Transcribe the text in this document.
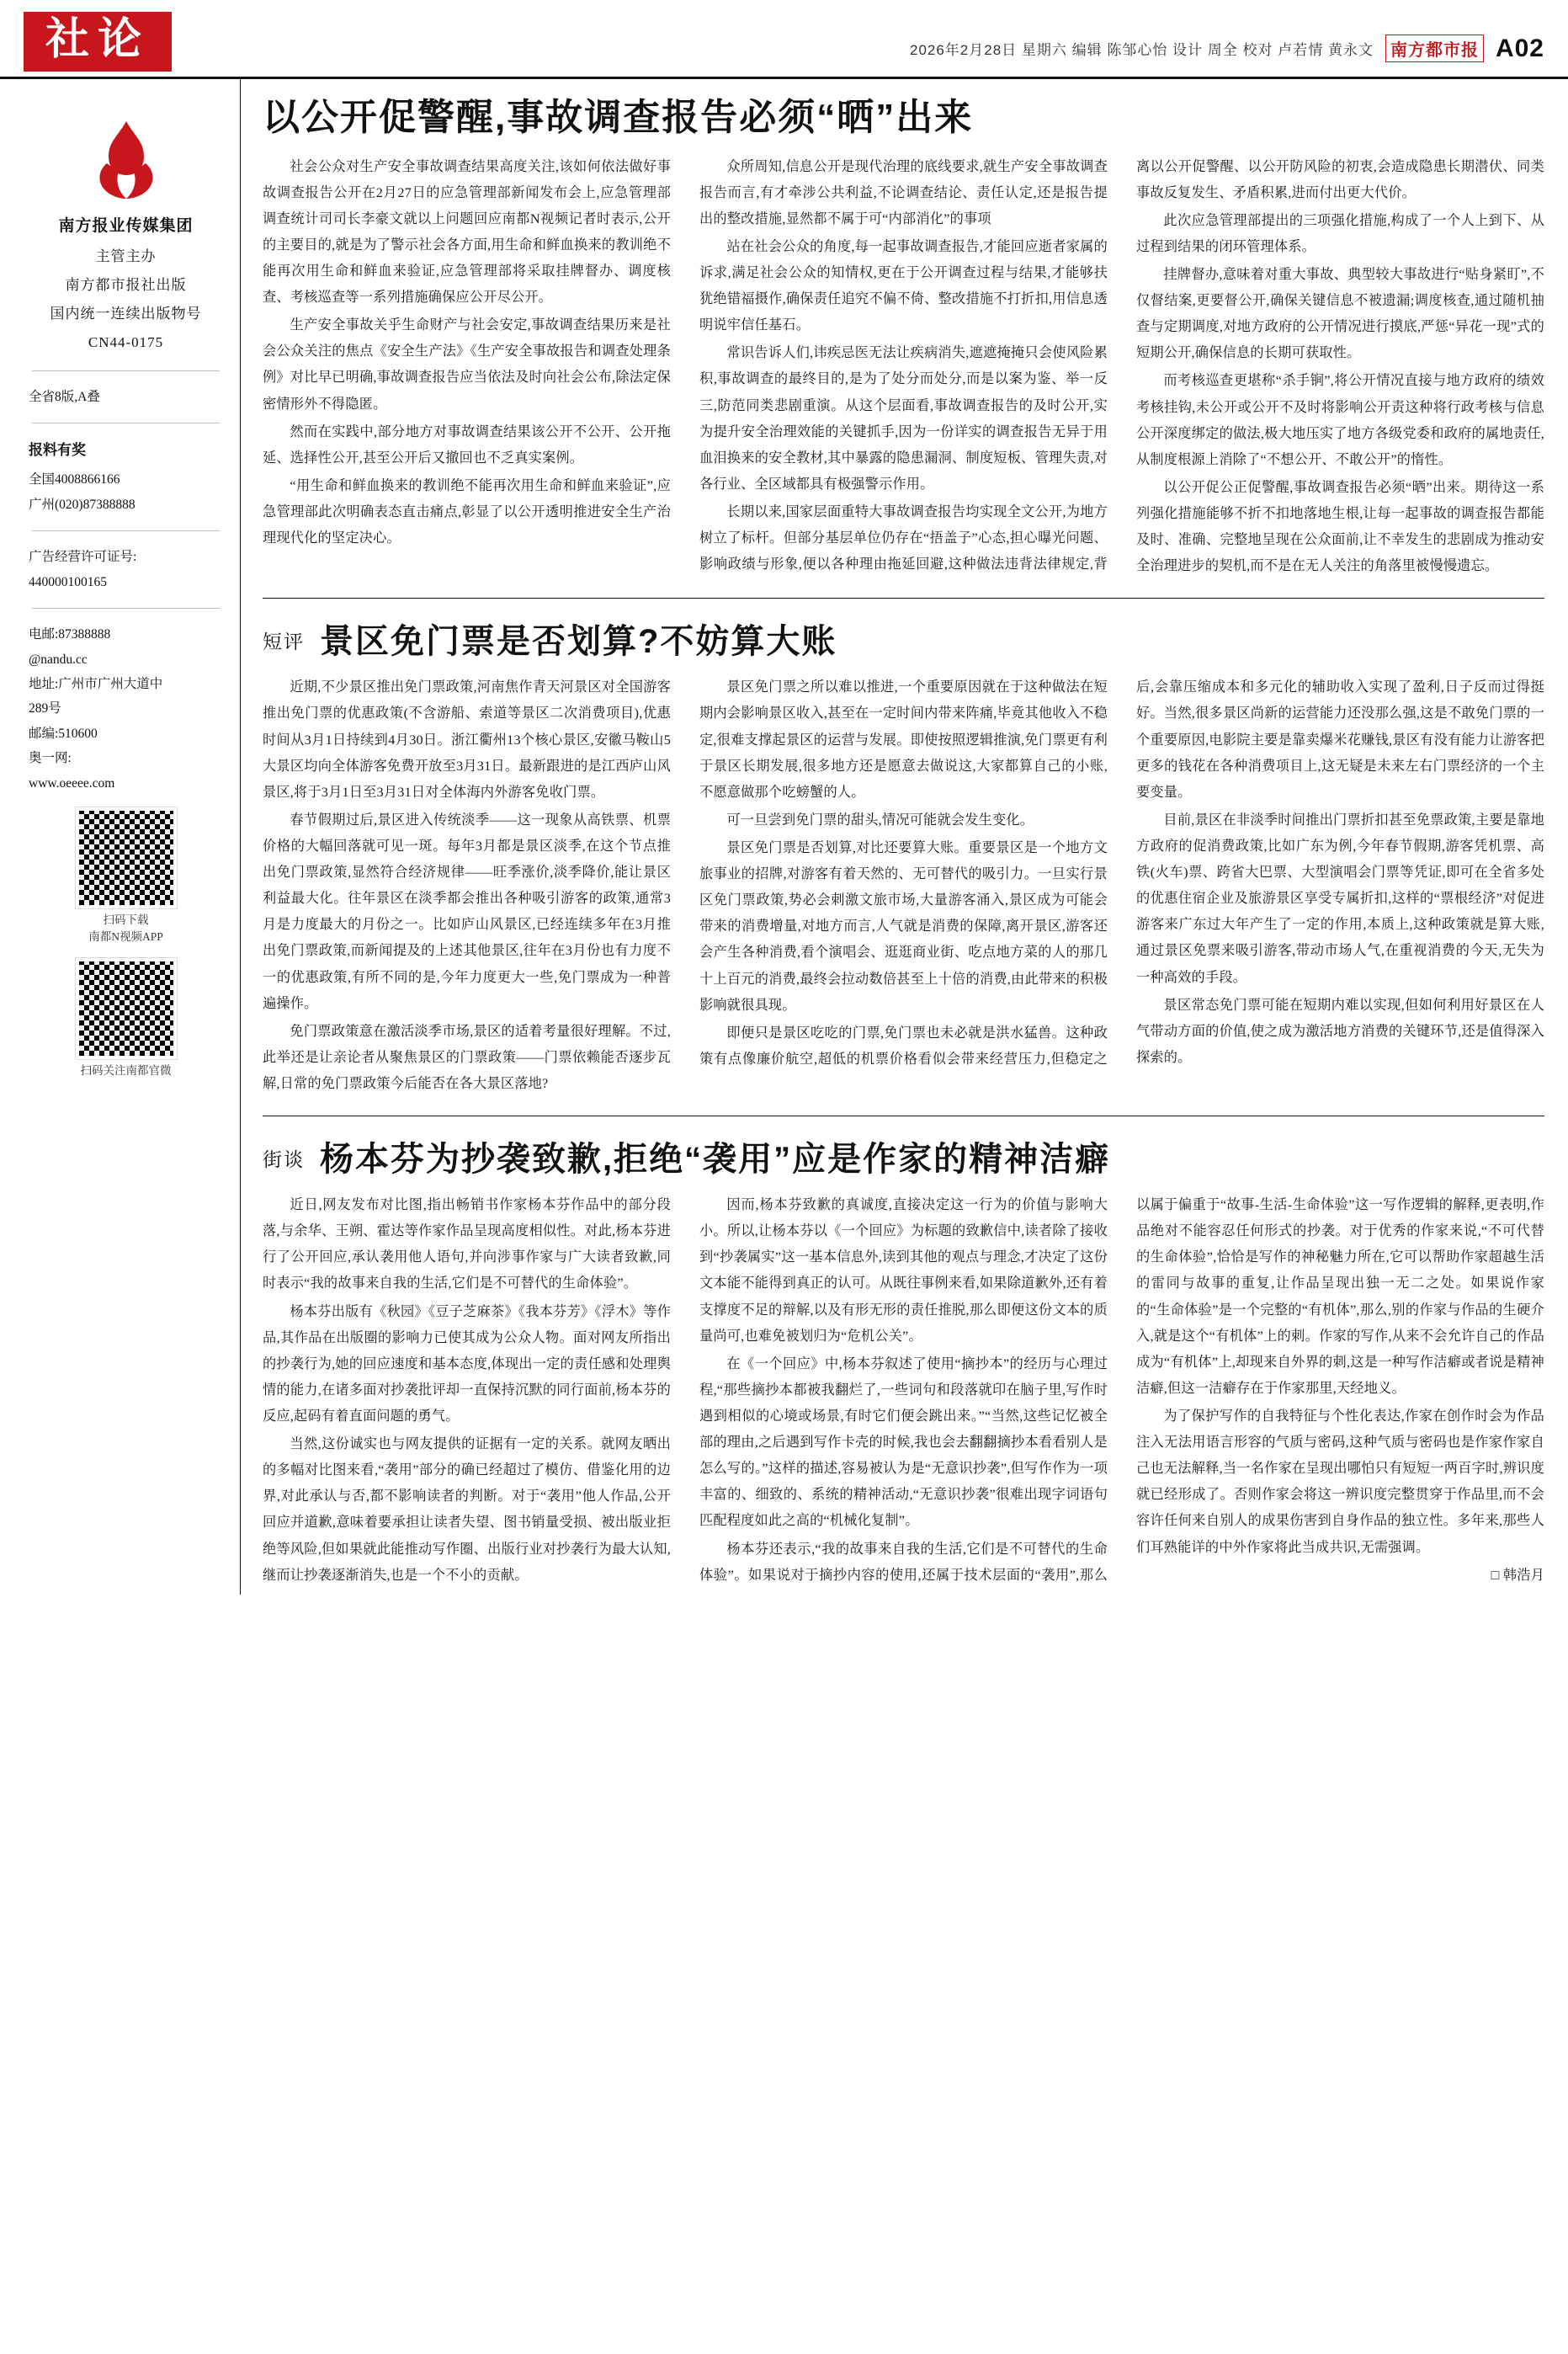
社论	2026年2月28日 星期六 编辑 陈邹心怡 设计 周全 校对 卢若情 黄永文	南方都市报 A02
南方报业传媒集团
主管主办
南方都市报社出版
国内统一连续出版物号
CN44-0175
全省8版,A叠
报料有奖
全国4008866166
广州(020)87388888
广告经营许可证号:
440000100165
电邮:87388888
@nandu.cc
地址:广州市广州大道中
289号
邮编:510600
奥一网:
www.oeeee.com
扫码下载
南都N视频APP
扫码关注南都官微
以公开促警醒,事故调查报告必须“晒”出来

社会公众对生产安全事故调查结果高度关注,该如何依法做好事故调查报告公开在2月27日的应急管理部新闻发布会上,应急管理部调查统计司司长李豪文就以上问题回应南都N视频记者时表示,公开的主要目的,就是为了警示社会各方面,用生命和鲜血换来的教训绝不能再次用生命和鲜血来验证,应急管理部将采取挂牌督办、调度核查、考核巡查等一系列措施确保应公开尽公开。

生产安全事故关乎生命财产与社会安定,事故调查结果历来是社会公众关注的焦点《安全生产法》《生产安全事故报告和调查处理条例》对比早已明确,事故调查报告应当依法及时向社会公布,除法定保密情形外不得隐匿。

然而在实践中,部分地方对事故调查结果该公开不公开、公开拖延、选择性公开,甚至公开后又撤回也不乏真实案例。

“用生命和鲜血换来的教训绝不能再次用生命和鲜血来验证”,应急管理部此次明确表态直击痛点,彰显了以公开透明推进安全生产治理现代化的坚定决心。

众所周知,信息公开是现代治理的底线要求,就生产安全事故调查报告而言,有才牵涉公共利益,不论调查结论、责任认定,还是报告提出的整改措施,显然都不属于可“内部消化”的事项

站在社会公众的角度,每一起事故调查报告,才能回应逝者家属的诉求,满足社会公众的知情权,更在于公开调查过程与结果,才能够扶犹绝错福摄作,确保责任追究不偏不倚、整改措施不打折扣,用信息透明说牢信任基石。

常识告诉人们,讳疾忌医无法让疾病消失,遮遮掩掩只会使风险累积,事故调查的最终目的,是为了处分而处分,而是以案为鉴、举一反三,防范同类悲剧重演。从这个层面看,事故调查报告的及时公开,实为提升安全治理效能的关键抓手,因为一份详实的调查报告无异于用血泪换来的安全教材,其中暴露的隐患漏洞、制度短板、管理失责,对各行业、全区域都具有极强警示作用。

长期以来,国家层面重特大事故调查报告均实现全文公开,为地方树立了标杆。但部分基层单位仍存在“捂盖子”心态,担心曝光问题、影响政绩与形象,便以各种理由拖延回避,这种做法违背法律规定,背离以公开促警醒、以公开防风险的初衷,会造成隐患长期潜伏、同类事故反复发生、矛盾积累,进而付出更大代价。

此次应急管理部提出的三项强化措施,构成了一个人上到下、从过程到结果的闭环管理体系。

挂牌督办,意味着对重大事故、典型较大事故进行“贴身紧盯”,不仅督结案,更要督公开,确保关键信息不被遗漏;调度核查,通过随机抽查与定期调度,对地方政府的公开情况进行摸底,严惩“异花一现”式的短期公开,确保信息的长期可获取性。

而考核巡查更堪称“杀手锏”,将公开情况直接与地方政府的绩效考核挂钩,未公开或公开不及时将影响公开责这种将行政考核与信息公开深度绑定的做法,极大地压实了地方各级党委和政府的属地责任,从制度根源上消除了“不想公开、不敢公开”的惰性。

以公开促公正促警醒,事故调查报告必须“晒”出来。期待这一系列强化措施能够不折不扣地落地生根,让每一起事故的调查报告都能及时、准确、完整地呈现在公众面前,让不幸发生的悲剧成为推动安全治理进步的契机,而不是在无人关注的角落里被慢慢遗忘。

短评 景区免门票是否划算?不妨算大账

近期,不少景区推出免门票政策,河南焦作青天河景区对全国游客推出免门票的优惠政策(不含游船、索道等景区二次消费项目),优惠时间从3月1日持续到4月30日。浙江衢州13个核心景区,安徽马鞍山5大景区均向全体游客免费开放至3月31日。最新跟进的是江西庐山风景区,将于3月1日至3月31日对全体海内外游客免收门票。

春节假期过后,景区进入传统淡季——这一现象从高铁票、机票价格的大幅回落就可见一斑。每年3月都是景区淡季,在这个节点推出免门票政策,显然符合经济规律——旺季涨价,淡季降价,能让景区利益最大化。往年景区在淡季都会推出各种吸引游客的政策,通常3月是力度最大的月份之一。比如庐山风景区,已经连续多年在3月推出免门票政策,而新闻提及的上述其他景区,往年在3月份也有力度不一的优惠政策,有所不同的是,今年力度更大一些,免门票成为一种普遍操作。

免门票政策意在激活淡季市场,景区的适着考量很好理解。不过,此举还是让亲论者从聚焦景区的门票政策——门票依赖能否逐步瓦解,日常的免门票政策今后能否在各大景区落地?

景区免门票之所以难以推进,一个重要原因就在于这种做法在短期内会影响景区收入,甚至在一定时间内带来阵痛,毕竟其他收入不稳定,很难支撑起景区的运营与发展。即使按照逻辑推演,免门票更有利于景区长期发展,很多地方还是愿意去做说这,大家都算自己的小账,不愿意做那个吃螃蟹的人。

可一旦尝到免门票的甜头,情况可能就会发生变化。

景区免门票是否划算,对比还要算大账。重要景区是一个地方文旅事业的招牌,对游客有着天然的、无可替代的吸引力。一旦实行景区免门票政策,势必会刺激文旅市场,大量游客涌入,景区成为可能会带来的消费增量,对地方而言,人气就是消费的保障,离开景区,游客还会产生各种消费,看个演唱会、逛逛商业街、吃点地方菜的人的那几十上百元的消费,最终会拉动数倍甚至上十倍的消费,由此带来的积极影响就很具现。

即便只是景区吃吃的门票,免门票也未必就是洪水猛兽。这种政策有点像廉价航空,超低的机票价格看似会带来经营压力,但稳定之后,会靠压缩成本和多元化的辅助收入实现了盈利,日子反而过得挺好。当然,很多景区尚新的运营能力还没那么强,这是不敢免门票的一个重要原因,电影院主要是靠卖爆米花赚钱,景区有没有能力让游客把更多的钱花在各种消费项目上,这无疑是未来左右门票经济的一个主要变量。

目前,景区在非淡季时间推出门票折扣甚至免票政策,主要是靠地方政府的促消费政策,比如广东为例,今年春节假期,游客凭机票、高铁(火车)票、跨省大巴票、大型演唱会门票等凭证,即可在全省多处的优惠住宿企业及旅游景区享受专属折扣,这样的“票根经济”对促进游客来广东过大年产生了一定的作用,本质上,这种政策就是算大账,通过景区免票来吸引游客,带动市场人气,在重视消费的今天,无失为一种高效的手段。

景区常态免门票可能在短期内难以实现,但如何利用好景区在人气带动方面的价值,使之成为激活地方消费的关键环节,还是值得深入探索的。

街谈 杨本芬为抄袭致歉,拒绝“袭用”应是作家的精神洁癖

近日,网友发布对比图,指出畅销书作家杨本芬作品中的部分段落,与余华、王朔、霍达等作家作品呈现高度相似性。对此,杨本芬进行了公开回应,承认袭用他人语句,并向涉事作家与广大读者致歉,同时表示“我的故事来自我的生活,它们是不可替代的生命体验”。

杨本芬出版有《秋园》《豆子芝麻茶》《我本芬芳》《浮木》等作品,其作品在出版圈的影响力已使其成为公众人物。面对网友所指出的抄袭行为,她的回应速度和基本态度,体现出一定的责任感和处理舆情的能力,在诸多面对抄袭批评却一直保持沉默的同行面前,杨本芬的反应,起码有着直面问题的勇气。

当然,这份诚实也与网友提供的证据有一定的关系。就网友晒出的多幅对比图来看,“袭用”部分的确已经超过了模仿、借鉴化用的边界,对此承认与否,都不影响读者的判断。对于“袭用”他人作品,公开回应并道歉,意味着要承担让读者失望、图书销量受损、被出版业拒绝等风险,但如果就此能推动写作圈、出版行业对抄袭行为最大认知,继而让抄袭逐渐消失,也是一个不小的贡献。

因而,杨本芬致歉的真诚度,直接决定这一行为的价值与影响大小。所以,让杨本芬以《一个回应》为标题的致歉信中,读者除了接收到“抄袭属实”这一基本信息外,读到其他的观点与理念,才决定了这份文本能不能得到真正的认可。从既往事例来看,如果除道歉外,还有着支撑度不足的辩解,以及有形无形的责任推脱,那么即便这份文本的质量尚可,也难免被划归为“危机公关”。

在《一个回应》中,杨本芬叙述了使用“摘抄本”的经历与心理过程,“那些摘抄本都被我翻烂了,一些词句和段落就印在脑子里,写作时遇到相似的心境或场景,有时它们便会跳出来。”“当然,这些记忆被全部的理由,之后遇到写作卡壳的时候,我也会去翻翻摘抄本看看别人是怎么写的。”这样的描述,容易被认为是“无意识抄袭”,但写作作为一项丰富的、细致的、系统的精神活动,“无意识抄袭”很难出现字词语句匹配程度如此之高的“机械化复制”。

杨本芬还表示,“我的故事来自我的生活,它们是不可替代的生命体验”。如果说对于摘抄内容的使用,还属于技术层面的“袭用”,那么以属于偏重于“故事-生活-生命体验”这一写作逻辑的解释,更表明,作品绝对不能容忍任何形式的抄袭。对于优秀的作家来说,“不可代替的生命体验”,恰恰是写作的神秘魅力所在,它可以帮助作家超越生活的雷同与故事的重复,让作品呈现出独一无二之处。如果说作家的“生命体验”是一个完整的“有机体”,那么,别的作家与作品的生硬介入,就是这个“有机体”上的刺。作家的写作,从来不会允许自己的作品成为“有机体”上,却现来自外界的刺,这是一种写作洁癖或者说是精神洁癖,但这一洁癖存在于作家那里,天经地义。

为了保护写作的自我特征与个性化表达,作家在创作时会为作品注入无法用语言形容的气质与密码,这种气质与密码也是作家作家自己也无法解释,当一名作家在呈现出哪怕只有短短一两百字时,辨识度就已经形成了。否则作家会将这一辨识度完整贯穿于作品里,而不会容许任何来自别人的成果伤害到自身作品的独立性。多年来,那些人们耳熟能详的中外作家将此当成共识,无需强调。

□ 韩浩月
